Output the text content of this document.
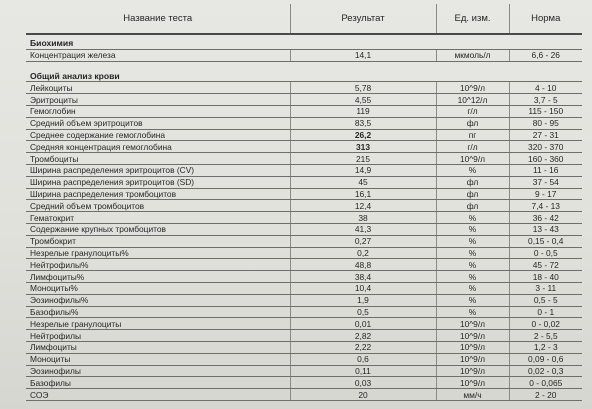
Название теста	Результат	Ед. изм.	Норма
Биохимия			
Концентрация железа	14,1	мкмоль/л	6,6 - 26

Общий анализ крови			
Лейкоциты	5,78	10^9/л	4 - 10
Эритроциты	4,55	10^12/л	3,7 - 5
Гемоглобин	119	г/л	115 - 150
Средний объем эритроцитов	83,5	фл	80 - 95
Среднее содержание гемоглобина	26,2	пг	27 - 31
Средняя концентрация гемоглобина	313	г/л	320 - 370
Тромбоциты	215	10^9/л	160 - 360
Ширина распределения эритроцитов (CV)	14,9	%	11 - 16
Ширина распределения эритроцитов (SD)	45	фл	37 - 54
Ширина распределения тромбоцитов	16,1	фл	9 - 17
Средний объем тромбоцитов	12,4	фл	7,4 - 13
Гематокрит	38	%	36 - 42
Содержание крупных тромбоцитов	41,3	%	13 - 43
Тромбокрит	0,27	%	0,15 - 0,4
Незрелые гранулоциты%	0,2	%	0 - 0,5
Нейтрофилы%	48,8	%	45 - 72
Лимфоциты%	38,4	%	18 - 40
Моноциты%	10,4	%	3 - 11
Эозинофилы%	1,9	%	0,5 - 5
Базофилы%	0,5	%	0 - 1
Незрелые гранулоциты	0,01	10^9/л	0 - 0,02
Нейтрофилы	2,82	10^9/л	2 - 5,5
Лимфоциты	2,22	10^9/л	1,2 - 3
Моноциты	0,6	10^9/л	0,09 - 0,6
Эозинофилы	0,11	10^9/л	0,02 - 0,3
Базофилы	0,03	10^9/л	0 - 0,065
СОЭ	20	мм/ч	2 - 20
